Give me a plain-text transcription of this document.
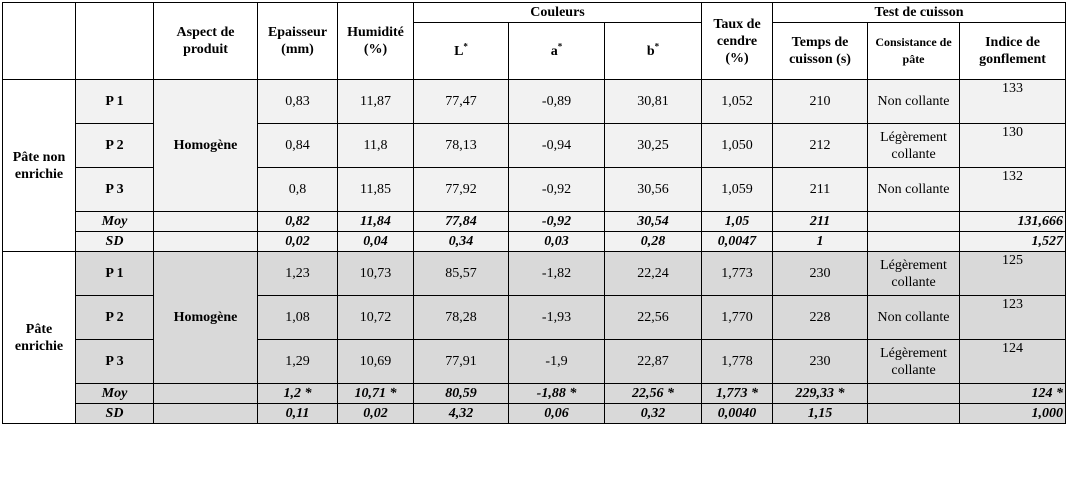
		Aspect de produit	Epaisseur (mm)	Humidité (%)	Couleurs			Taux de cendre (%)	Test de cuisson		
					L*	a*	b*		Temps de cuisson (s)	Consistance de pâte	Indice de gonflement
Pâte non enrichie	P 1	Homogène	0,83	11,87	77,47	-0,89	30,81	1,052	210	Non collante	133
	P 2		0,84	11,8	78,13	-0,94	30,25	1,050	212	Légèrement collante	130
	P 3		0,8	11,85	77,92	-0,92	30,56	1,059	211	Non collante	132
	Moy		0,82	11,84	77,84	-0,92	30,54	1,05	211		131,666
	SD		0,02	0,04	0,34	0,03	0,28	0,0047	1		1,527
Pâte enrichie	P 1	Homogène	1,23	10,73	85,57	-1,82	22,24	1,773	230	Légèrement collante	125
	P 2		1,08	10,72	78,28	-1,93	22,56	1,770	228	Non collante	123
	P 3		1,29	10,69	77,91	-1,9	22,87	1,778	230	Légèrement collante	124
	Moy		1,2 *	10,71 *	80,59	-1,88 *	22,56 *	1,773 *	229,33 *		124 *
	SD		0,11	0,02	4,32	0,06	0,32	0,0040	1,15		1,000
